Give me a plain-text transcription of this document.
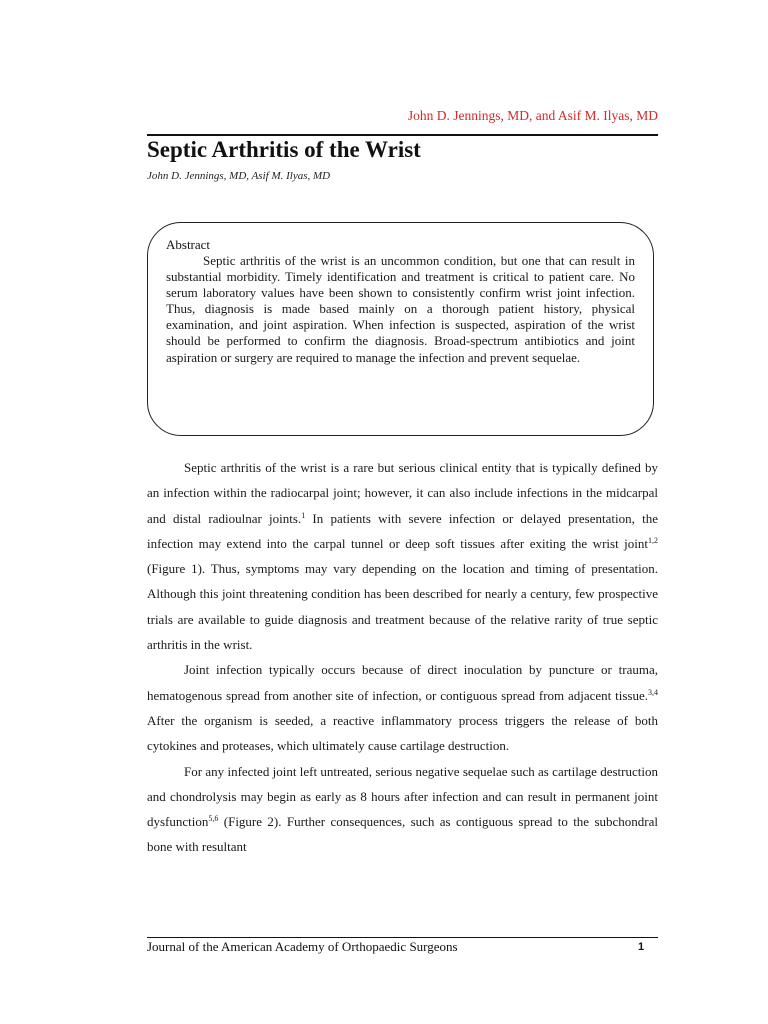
John D. Jennings, MD, and Asif M. Ilyas, MD
Septic Arthritis of the Wrist
John D. Jennings, MD, Asif M. Ilyas, MD
Abstract
Septic arthritis of the wrist is an uncommon condition, but one that can result in substantial morbidity. Timely identification and treatment is critical to patient care. No serum laboratory values have been shown to consistently confirm wrist joint infection. Thus, diagnosis is made based mainly on a thorough patient history, physical examination, and joint aspiration. When infection is suspected, aspiration of the wrist should be performed to confirm the diagnosis. Broad-spectrum antibiotics and joint aspiration or surgery are required to manage the infection and prevent sequelae.

Septic arthritis of the wrist is a rare but serious clinical entity that is typically defined by an infection within the radiocarpal joint; however, it can also include infections in the midcarpal and distal radioulnar joints.$^1$ In patients with severe infection or delayed presentation, the infection may extend into the carpal tunnel or deep soft tissues after exiting the wrist joint$^{1,2}$ (Figure 1). Thus, symptoms may vary depending on the location and timing of presentation. Although this joint threatening condition has been described for nearly a century, few prospective trials are available to guide diagnosis and treatment because of the relative rarity of true septic arthritis in the wrist.

Joint infection typically occurs because of direct inoculation by puncture or trauma, hematogenous spread from another site of infection, or contiguous spread from adjacent tissue.$^{3,4}$ After the organism is seeded, a reactive inflammatory process triggers the release of both cytokines and proteases, which ultimately cause cartilage destruction.

For any infected joint left untreated, serious negative sequelae such as cartilage destruction and chondrolysis may begin as early as 8 hours after infection and can result in permanent joint dysfunction$^{5,6}$ (Figure 2). Further consequences, such as contiguous spread to the subchondral bone with resultant

Journal of the American Academy of Orthopaedic Surgeons	1
